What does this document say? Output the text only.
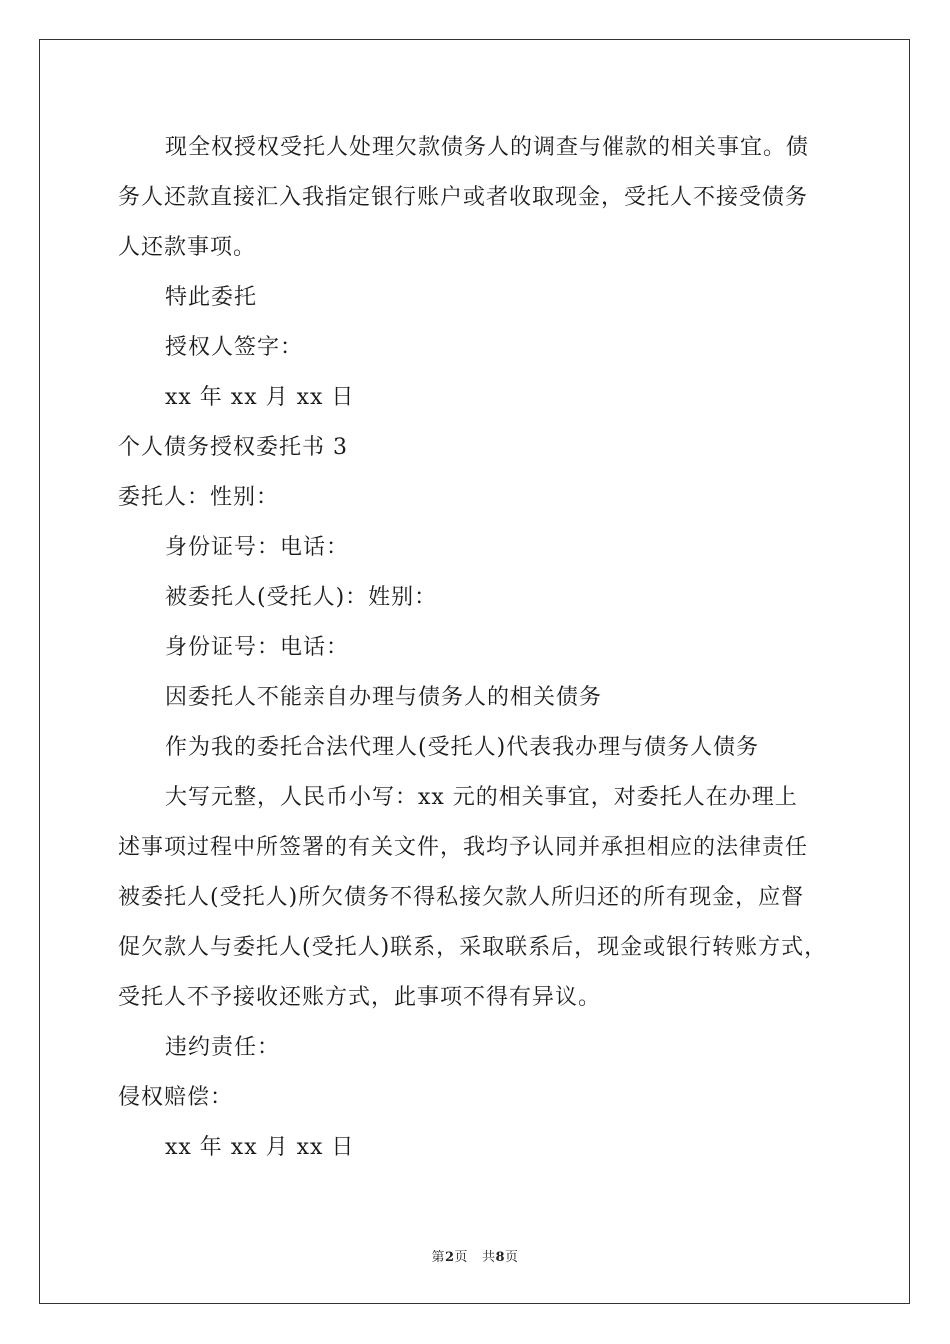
现全权授权受托人处理欠款债务人的调查与催款的相关事宜。债
务人还款直接汇入我指定银行账户或者收取现金，受托人不接受债务
人还款事项。
特此委托
授权人签字：
xx 年 xx 月 xx 日
个人债务授权委托书 3
委托人：性别：
身份证号：电话：
被委托人(受托人)：姓别：
身份证号：电话：
因委托人不能亲自办理与债务人的相关债务
作为我的委托合法代理人(受托人)代表我办理与债务人债务
大写元整，人民币小写：xx 元的相关事宜，对委托人在办理上
述事项过程中所签署的有关文件，我均予认同并承担相应的法律责任
被委托人(受托人)所欠债务不得私接欠款人所归还的所有现金，应督
促欠款人与委托人(受托人)联系，采取联系后，现金或银行转账方式，
受托人不予接收还账方式，此事项不得有异议。
违约责任：
侵权赔偿：
xx 年 xx 月 xx 日
第2页 共8页
